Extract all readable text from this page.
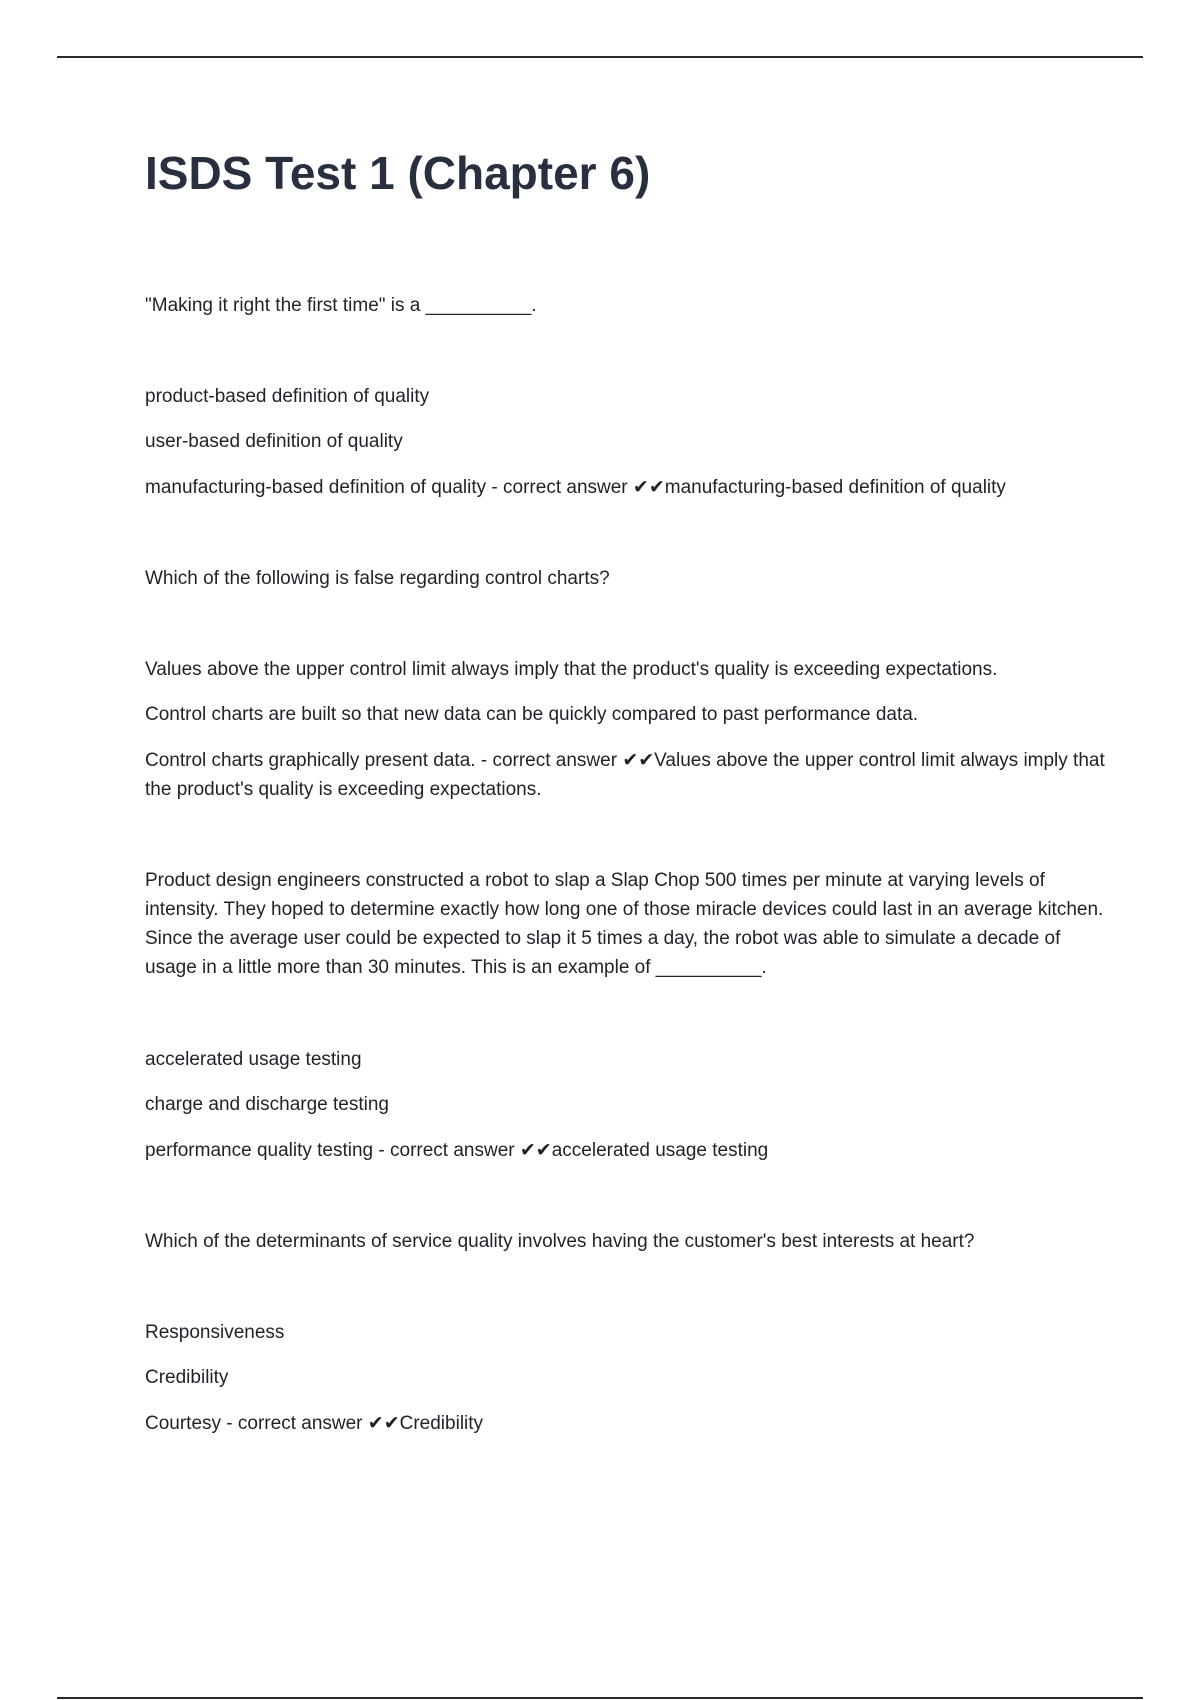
ISDS Test 1 (Chapter 6)

"Making it right the first time" is a __________.

product-based definition of quality

user-based definition of quality

manufacturing-based definition of quality - correct answer ✔✔manufacturing-based definition of quality

Which of the following is false regarding control charts?

Values above the upper control limit always imply that the product's quality is exceeding expectations.

Control charts are built so that new data can be quickly compared to past performance data.

Control charts graphically present data. - correct answer ✔✔Values above the upper control limit always imply that the product's quality is exceeding expectations.

Product design engineers constructed a robot to slap a Slap Chop 500 times per minute at varying levels of intensity. They hoped to determine exactly how long one of those miracle devices could last in an average kitchen. Since the average user could be expected to slap it 5 times a day, the robot was able to simulate a decade of usage in a little more than 30 minutes. This is an example of __________.

accelerated usage testing

charge and discharge testing

performance quality testing - correct answer ✔✔accelerated usage testing

Which of the determinants of service quality involves having the customer's best interests at heart?

Responsiveness

Credibility

Courtesy - correct answer ✔✔Credibility
